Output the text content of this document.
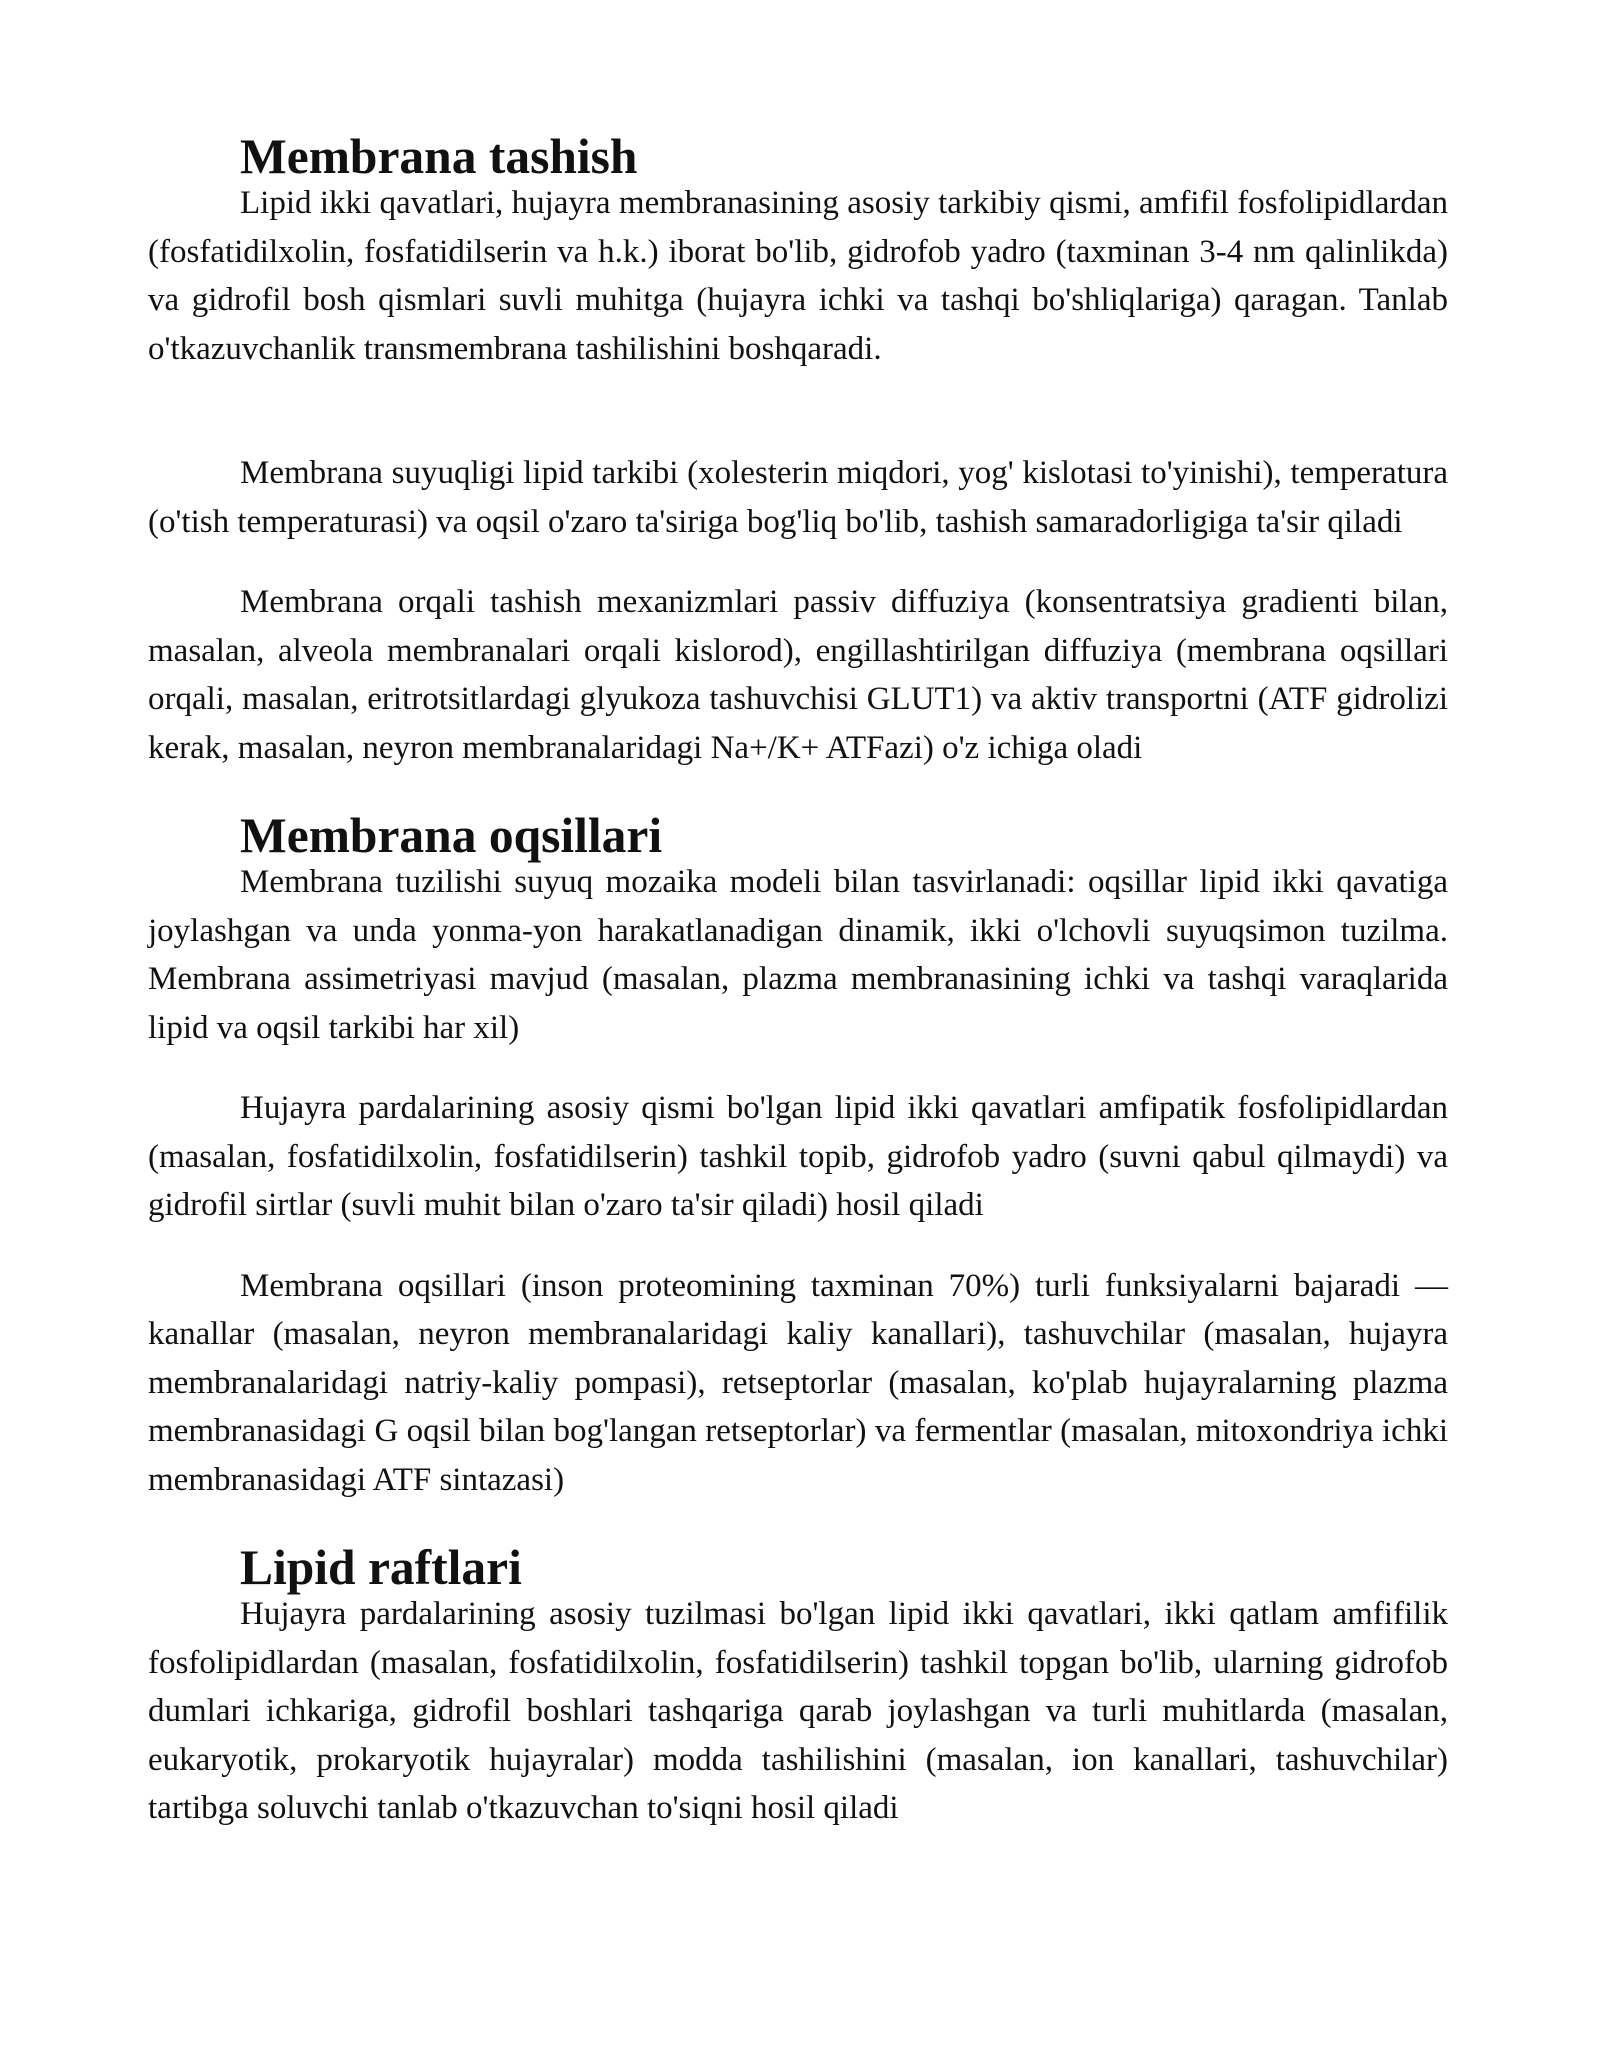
Membrana tashish

Lipid ikki qavatlari, hujayra membranasining asosiy tarkibiy qismi, amfifil fosfolipidlardan (fosfatidilxolin, fosfatidilserin va h.k.) iborat bo'lib, gidrofob yadro (taxminan 3-4 nm qalinlikda) va gidrofil bosh qismlari suvli muhitga (hujayra ichki va tashqi bo'shliqlariga) qaragan. Tanlab o'tkazuvchanlik transmembrana tashilishini boshqaradi.

Membrana suyuqligi lipid tarkibi (xolesterin miqdori, yog' kislotasi to'yinishi), temperatura (o'tish temperaturasi) va oqsil o'zaro ta'siriga bog'liq bo'lib, tashish samaradorligiga ta'sir qiladi

Membrana orqali tashish mexanizmlari passiv diffuziya (konsentratsiya gradienti bilan, masalan, alveola membranalari orqali kislorod), engillashtirilgan diffuziya (membrana oqsillari orqali, masalan, eritrotsitlardagi glyukoza tashuvchisi GLUT1) va aktiv transportni (ATF gidrolizi kerak, masalan, neyron membranalaridagi Na+/K+ ATFazi) o'z ichiga oladi

Membrana oqsillari

Membrana tuzilishi suyuq mozaika modeli bilan tasvirlanadi: oqsillar lipid ikki qavatiga joylashgan va unda yonma-yon harakatlanadigan dinamik, ikki o'lchovli suyuqsimon tuzilma. Membrana assimetriyasi mavjud (masalan, plazma membranasining ichki va tashqi varaqlarida lipid va oqsil tarkibi har xil)

Hujayra pardalarining asosiy qismi bo'lgan lipid ikki qavatlari amfipatik fosfolipidlardan (masalan, fosfatidilxolin, fosfatidilserin) tashkil topib, gidrofob yadro (suvni qabul qilmaydi) va gidrofil sirtlar (suvli muhit bilan o'zaro ta'sir qiladi) hosil qiladi

Membrana oqsillari (inson proteomining taxminan 70%) turli funksiyalarni bajaradi — kanallar (masalan, neyron membranalaridagi kaliy kanallari), tashuvchilar (masalan, hujayra membranalaridagi natriy-kaliy pompasi), retseptorlar (masalan, ko'plab hujayralarning plazma membranasidagi G oqsil bilan bog'langan retseptorlar) va fermentlar (masalan, mitoxondriya ichki membranasidagi ATF sintazasi)

Lipid raftlari

Hujayra pardalarining asosiy tuzilmasi bo'lgan lipid ikki qavatlari, ikki qatlam amfifilik fosfolipidlardan (masalan, fosfatidilxolin, fosfatidilserin) tashkil topgan bo'lib, ularning gidrofob dumlari ichkariga, gidrofil boshlari tashqariga qarab joylashgan va turli muhitlarda (masalan, eukaryotik, prokaryotik hujayralar) modda tashilishini (masalan, ion kanallari, tashuvchilar) tartibga soluvchi tanlab o'tkazuvchan to'siqni hosil qiladi
